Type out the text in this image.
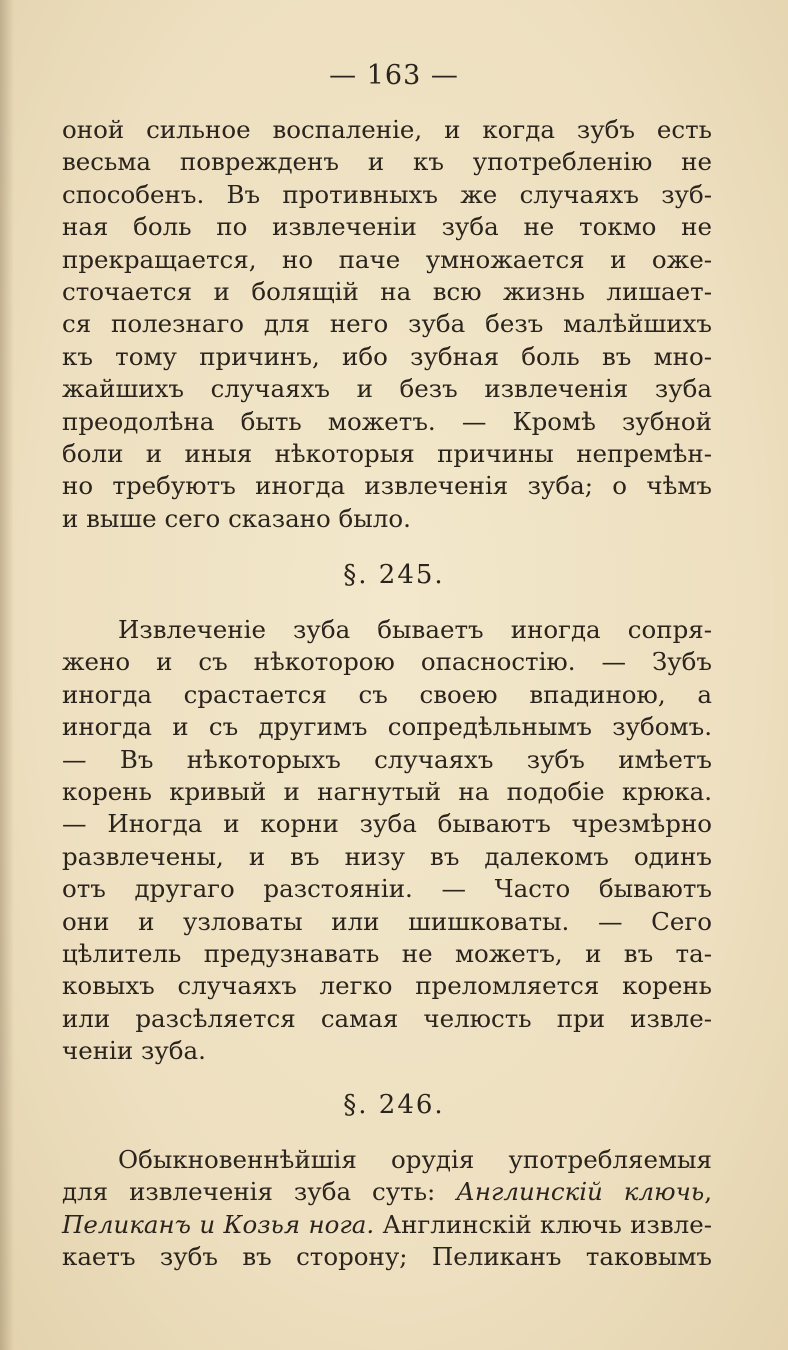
— 163 —
оной сильное воспаленіе, и когда зубъ есть
весьма поврежденъ и къ употребленію не
способенъ. Въ противныхъ же случаяхъ зуб-
ная боль по извлеченіи зуба не токмо не
прекращается, но паче умножается и оже-
сточается и болящій на всю жизнь лишает-
ся полезнаго для него зуба безъ малѣйшихъ
къ тому причинъ, ибо зубная боль въ мно-
жайшихъ случаяхъ и безъ извлеченія зуба
преодолѣна быть можетъ. — Кромѣ зубной
боли и иныя нѣкоторыя причины непремѣн-
но требуютъ иногда извлеченія зуба; о чѣмъ
и выше сего сказано было.
§. 245.
Извлеченіе зуба бываетъ иногда сопря-
жено и съ нѣкоторою опасностію. — Зубъ
иногда срастается съ своею впадиною, а
иногда и съ другимъ сопредѣльнымъ зубомъ.
— Въ нѣкоторыхъ случаяхъ зубъ имѣетъ
корень кривый и нагнутый на подобіе крюка.
— Иногда и корни зуба бываютъ чрезмѣрно
развлечены, и въ низу въ далекомъ одинъ
отъ другаго разстояніи. — Часто бываютъ
они и узловаты или шишковаты. — Сего
цѣлитель предузнавать не можетъ, и въ та-
ковыхъ случаяхъ легко преломляется корень
или разсѣляется самая челюсть при извле-
ченіи зуба.
§. 246.
Обыкновеннѣйшія орудія употребляемыя
для извлеченія зуба суть: Англинскій ключь,
Пеликанъ и Козья нога. Англинскій ключь извле-
каетъ зубъ въ сторону; Пеликанъ таковымъ
